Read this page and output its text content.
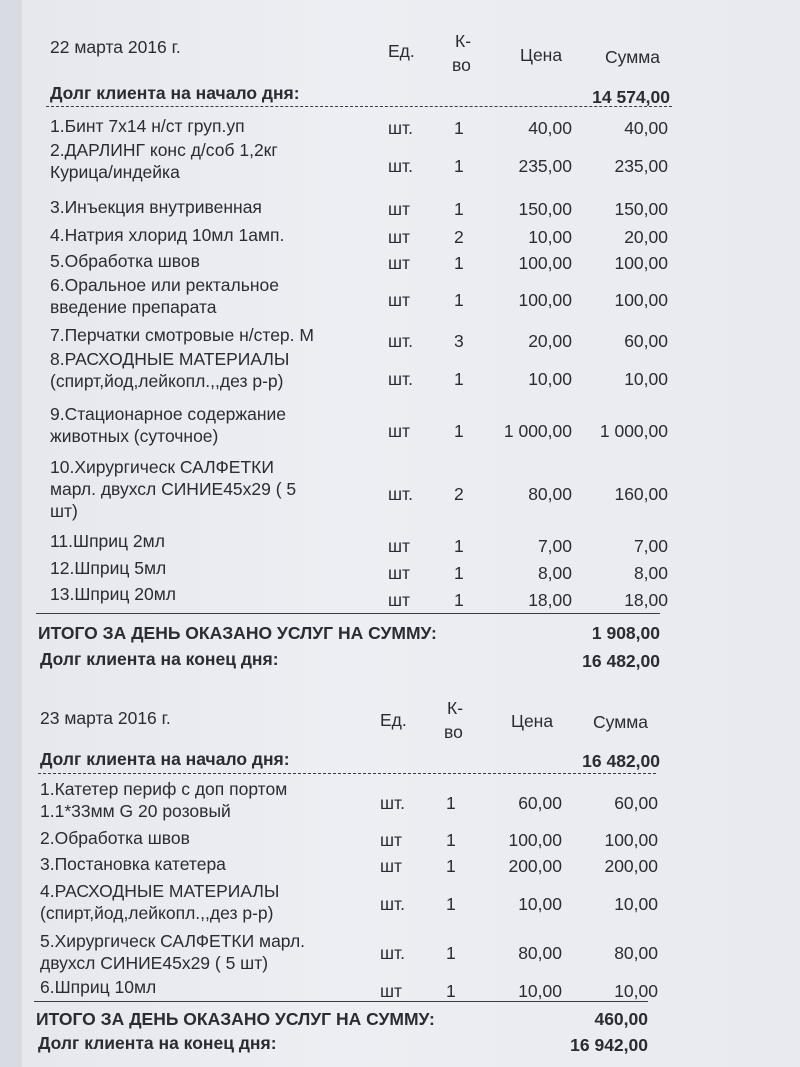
22 марта 2016 г.	Ед. К-
во	Цена Сумма
Долг клиента на начало дня:	14 574,00
1.Бинт 7х14 н/ст груп.уп	шт. 1	40,00	40,00
2.ДАРЛИНГ конс д/соб 1,2кг
Курица/индейка	шт. 1	235,00	235,00
3.Инъекция внутривенная	шт	1	150,00	150,00
4.Натрия хлорид 10мл 1амп.	шт	2	10,00	20,00
5.Обработка швов	шт	1	100,00	100,00
6.Оральное или ректальное
введение препарата	шт	1	100,00	100,00
7.Перчатки смотровые н/стер. М	шт. 3	20,00	60,00
8.РАСХОДНЫЕ МАТЕРИАЛЫ
(спирт,йод,лейкопл.,,дез р-р)	шт. 1	10,00	10,00
9.Стационарное содержание
животных (суточное)	шт	1	1 000,00	1 000,00
10.Хирургическ САЛФЕТКИ
марл. двухсл СИНИЕ45х29 ( 5
шт)
шт. 2	80,00	160,00
11.Шприц 2мл	шт	1	7,00	7,00
12.Шприц 5мл	шт	1	8,00	8,00
13.Шприц 20мл	шт	1	18,00	18,00
ИТОГО ЗА ДЕНЬ ОКАЗАНО УСЛУГ НА СУММУ:	1 908,00
Долг клиента на конец дня:	16 482,00
23 марта 2016 г.	Ед.
К-
во
Цена Сумма
Долг клиента на начало дня:	16 482,00
1.Катетер периф с доп портом
1.1*33мм G 20 розовый	шт. 1	60,00	60,00
2.Обработка швов	шт	1	100,00	100,00
3.Постановка катетера	шт	1	200,00	200,00
4.РАСХОДНЫЕ МАТЕРИАЛЫ
(спирт,йод,лейкопл.,,дез р-р)	шт. 1	10,00	10,00
5.Хирургическ САЛФЕТКИ марл.
двухсл СИНИЕ45х29 ( 5 шт)	шт. 1	80,00	80,00
6.Шприц 10мл	шт	1	10,00	10,00
ИТОГО ЗА ДЕНЬ ОКАЗАНО УСЛУГ НА СУММУ:	460,00
Долг клиента на конец дня:	16 942,00
